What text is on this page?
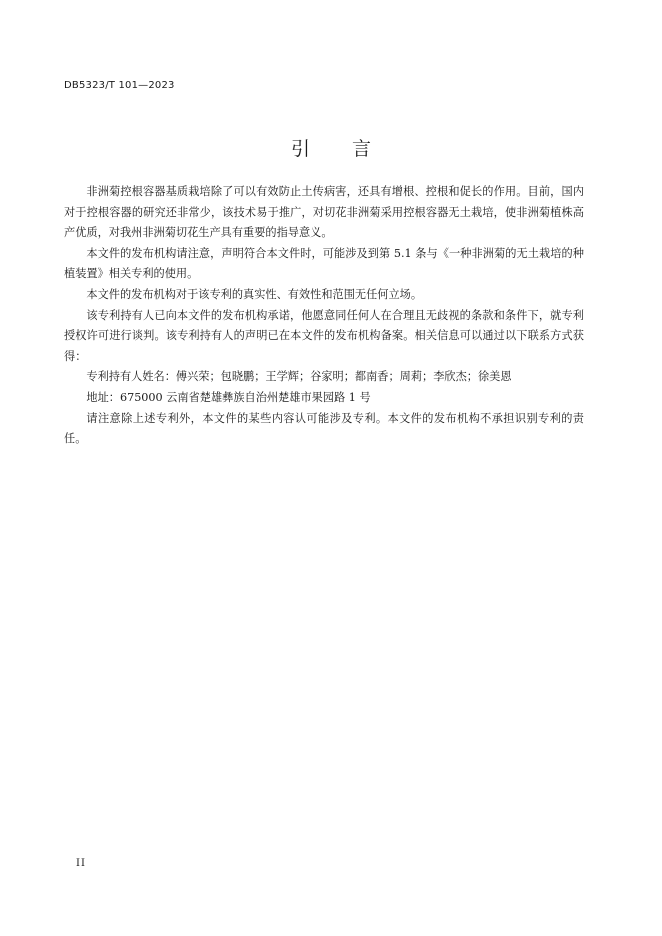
DB5323/T 101—2023
引 言

非洲菊控根容器基质栽培除了可以有效防止土传病害，还具有增根、控根和促长的作用。目前，国内对于控根容器的研究还非常少，该技术易于推广，对切花非洲菊采用控根容器无土栽培，使非洲菊植株高产优质，对我州非洲菊切花生产具有重要的指导意义。

本文件的发布机构请注意，声明符合本文件时，可能涉及到第 5.1 条与《一种非洲菊的无土栽培的种植装置》相关专利的使用。

本文件的发布机构对于该专利的真实性、有效性和范围无任何立场。

该专利持有人已向本文件的发布机构承诺，他愿意同任何人在合理且无歧视的条款和条件下，就专利授权许可进行谈判。该专利持有人的声明已在本文件的发布机构备案。相关信息可以通过以下联系方式获得：

专利持有人姓名：傅兴荣；包晓鹏；王学辉；谷家明；都南香；周莉；李欣杰；徐美恩

地址：675000 云南省楚雄彝族自治州楚雄市果园路 1 号

请注意除上述专利外，本文件的某些内容认可能涉及专利。本文件的发布机构不承担识别专利的责任。

II
